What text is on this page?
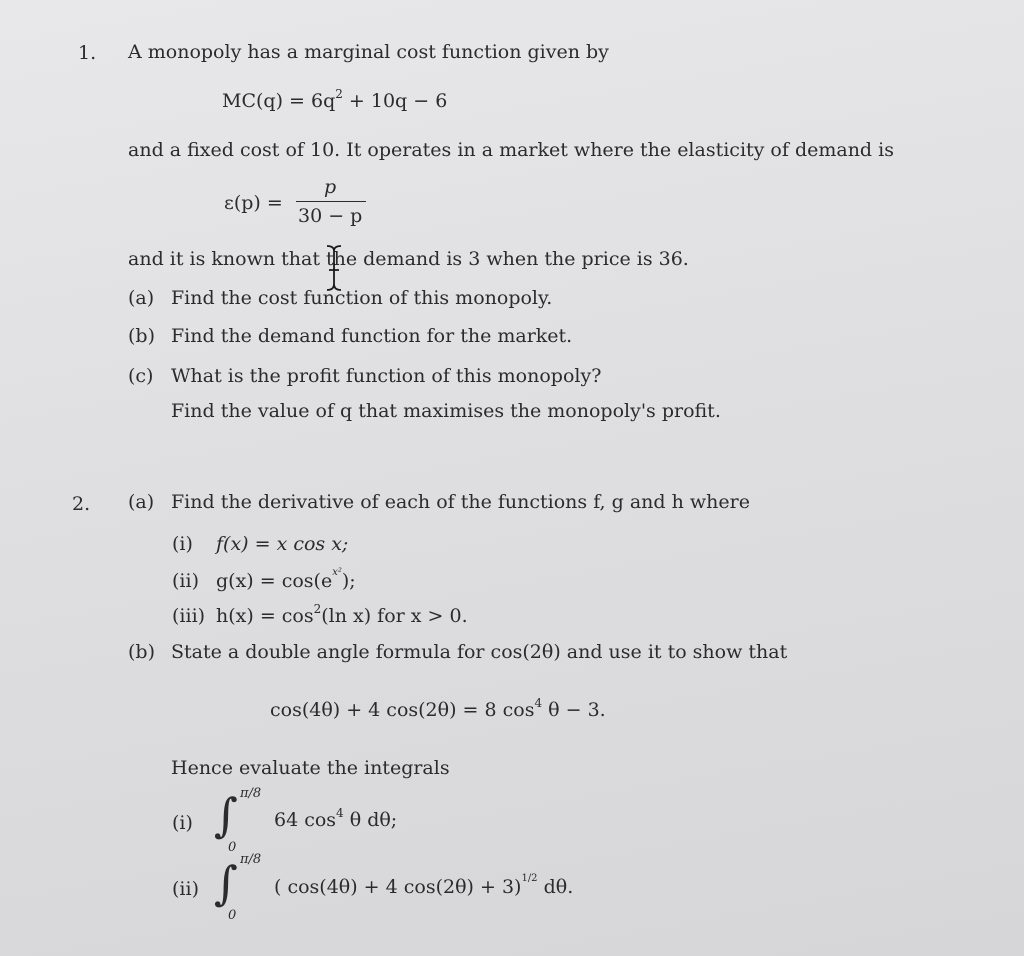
1. A monopoly has a marginal cost function given by
$MC(q) = 6q^2 + 10q - 6$
and a fixed cost of 10. It operates in a market where the elasticity of demand is
ε(p) =
p
30 − p
and it is known that the demand is 3 when the price is 36.
(a) Find the cost function of this monopoly.
(b) Find the demand function for the market.
(c) What is the profit function of this monopoly?
Find the value of q that maximises the monopoly's profit.
2. (a) Find the derivative of each of the functions f, g and h where
(i) f(x) = x cos x;
(ii) $g(x) = \cos(e^{x^2})$;
(iii) $h(x) = \cos^2(\ln$ x) for x > 0.
(b) State a double angle formula for cos(2θ) and use it to show that
cos(4θ) + 4 cos(2θ) = 8 $\cos^4 \theta - 3$.
Hence evaluate the integrals
(i) ∫ π/8
0
64 $\cos^4 \theta$ dθ;
(ii) ∫ π/8
0
( cos(4θ) + 4 cos(2θ) + 3)$^{1/2}$ dθ.
